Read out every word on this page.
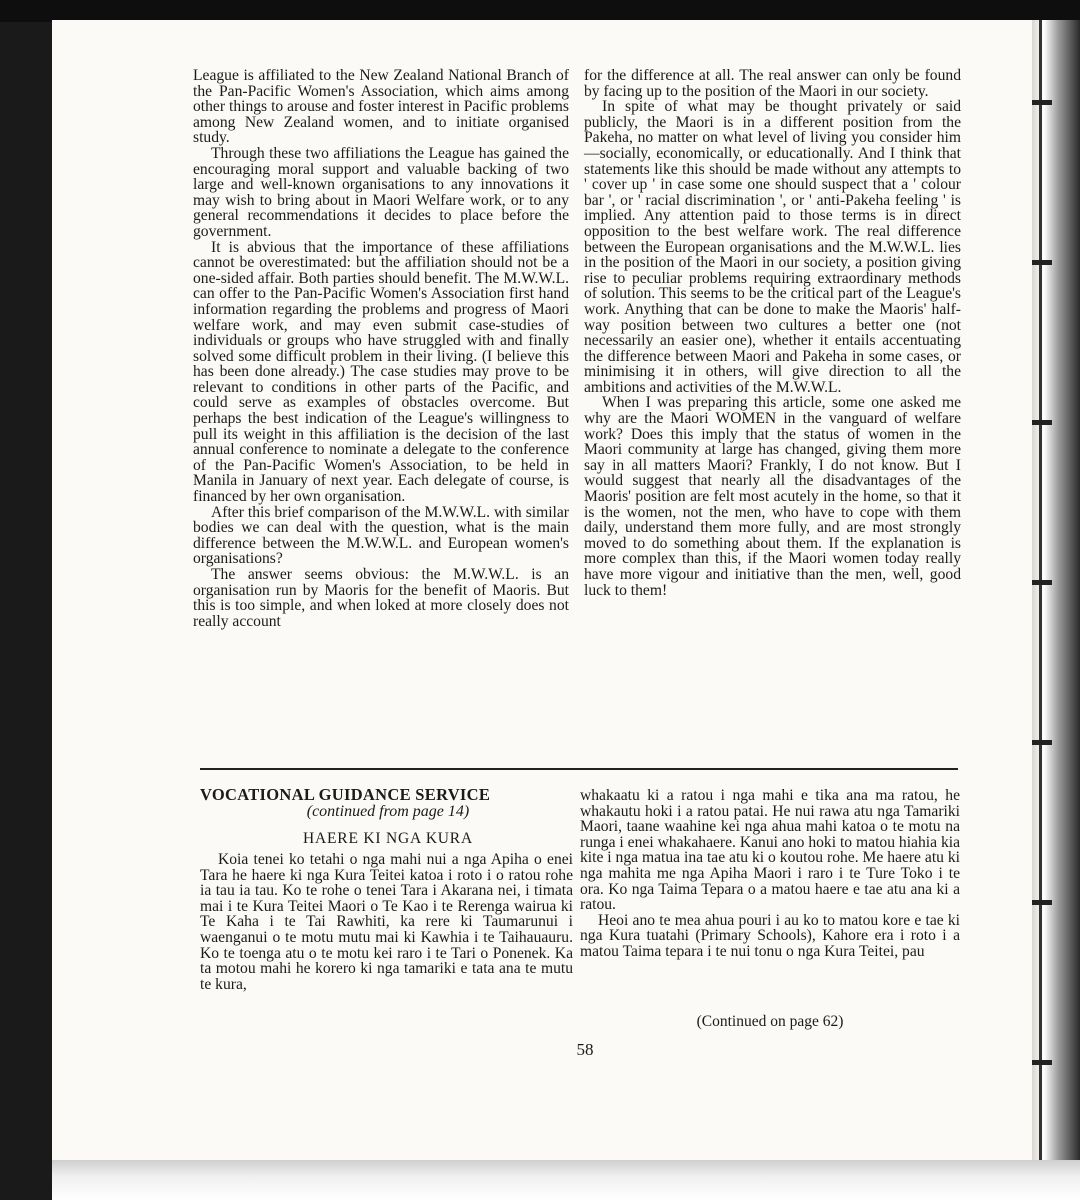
League is affiliated to the New Zealand National Branch of the Pan-Pacific Women's Association, which aims among other things to arouse and foster interest in Pacific problems among New Zealand women, and to initiate organised study.

Through these two affiliations the League has gained the encouraging moral support and valuable backing of two large and well-known organisations to any innovations it may wish to bring about in Maori Welfare work, or to any general recommendations it decides to place before the government.

It is abvious that the importance of these affiliations cannot be overestimated: but the affiliation should not be a one-sided affair. Both parties should benefit. The M.W.W.L. can offer to the Pan-Pacific Women's Association first hand information regarding the problems and progress of Maori welfare work, and may even submit case-studies of individuals or groups who have struggled with and finally solved some difficult problem in their living. (I believe this has been done already.) The case studies may prove to be relevant to conditions in other parts of the Pacific, and could serve as examples of obstacles overcome. But perhaps the best indication of the League's willingness to pull its weight in this affiliation is the decision of the last annual conference to nominate a delegate to the conference of the Pan-Pacific Women's Association, to be held in Manila in January of next year. Each delegate of course, is financed by her own organisation.

After this brief comparison of the M.W.W.L. with similar bodies we can deal with the question, what is the main difference between the M.W.W.L. and European women's organisations?

The answer seems obvious: the M.W.W.L. is an organisation run by Maoris for the benefit of Maoris. But this is too simple, and when loked at more closely does not really account

for the difference at all. The real answer can only be found by facing up to the position of the Maori in our society.

In spite of what may be thought privately or said publicly, the Maori is in a different position from the Pakeha, no matter on what level of living you consider him—socially, economically, or educationally. And I think that statements like this should be made without any attempts to ' cover up ' in case some one should suspect that a ' colour bar ', or ' racial discrimination ', or ' anti-Pakeha feeling ' is implied. Any attention paid to those terms is in direct opposition to the best welfare work. The real difference between the European organisations and the M.W.W.L. lies in the position of the Maori in our society, a position giving rise to peculiar problems requiring extraordinary methods of solution. This seems to be the critical part of the League's work. Anything that can be done to make the Maoris' half-way position between two cultures a better one (not necessarily an easier one), whether it entails accentuating the difference between Maori and Pakeha in some cases, or minimising it in others, will give direction to all the ambitions and activities of the M.W.W.L.

When I was preparing this article, some one asked me why are the Maori WOMEN in the vanguard of welfare work? Does this imply that the status of women in the Maori community at large has changed, giving them more say in all matters Maori? Frankly, I do not know. But I would suggest that nearly all the disadvantages of the Maoris' position are felt most acutely in the home, so that it is the women, not the men, who have to cope with them daily, understand them more fully, and are most strongly moved to do something about them. If the explanation is more complex than this, if the Maori women today really have more vigour and initiative than the men, well, good luck to them!

VOCATIONAL GUIDANCE SERVICE
(continued from page 14)
HAERE KI NGA KURA

Koia tenei ko tetahi o nga mahi nui a nga Apiha o enei Tara he haere ki nga Kura Teitei katoa i roto i o ratou rohe ia tau ia tau. Ko te rohe o tenei Tara i Akarana nei, i timata mai i te Kura Teitei Maori o Te Kao i te Rerenga wairua ki Te Kaha i te Tai Rawhiti, ka rere ki Taumarunui i waenganui o te motu mutu mai ki Kawhia i te Taihauauru. Ko te toenga atu o te motu kei raro i te Tari o Ponenek. Ka ta motou mahi he korero ki nga tamariki e tata ana te mutu te kura,

whakaatu ki a ratou i nga mahi e tika ana ma ratou, he whakautu hoki i a ratou patai. He nui rawa atu nga Tamariki Maori, taane waahine kei nga ahua mahi katoa o te motu na runga i enei whakahaere. Kanui ano hoki to matou hiahia kia kite i nga matua ina tae atu ki o koutou rohe. Me haere atu ki nga mahita me nga Apiha Maori i raro i te Ture Toko i te ora. Ko nga Taima Tepara o a matou haere e tae atu ana ki a ratou.

Heoi ano te mea ahua pouri i au ko to matou kore e tae ki nga Kura tuatahi (Primary Schools), Kahore era i roto i a matou Taima tepara i te nui tonu o nga Kura Teitei, pau

(Continued on page 62)
58
